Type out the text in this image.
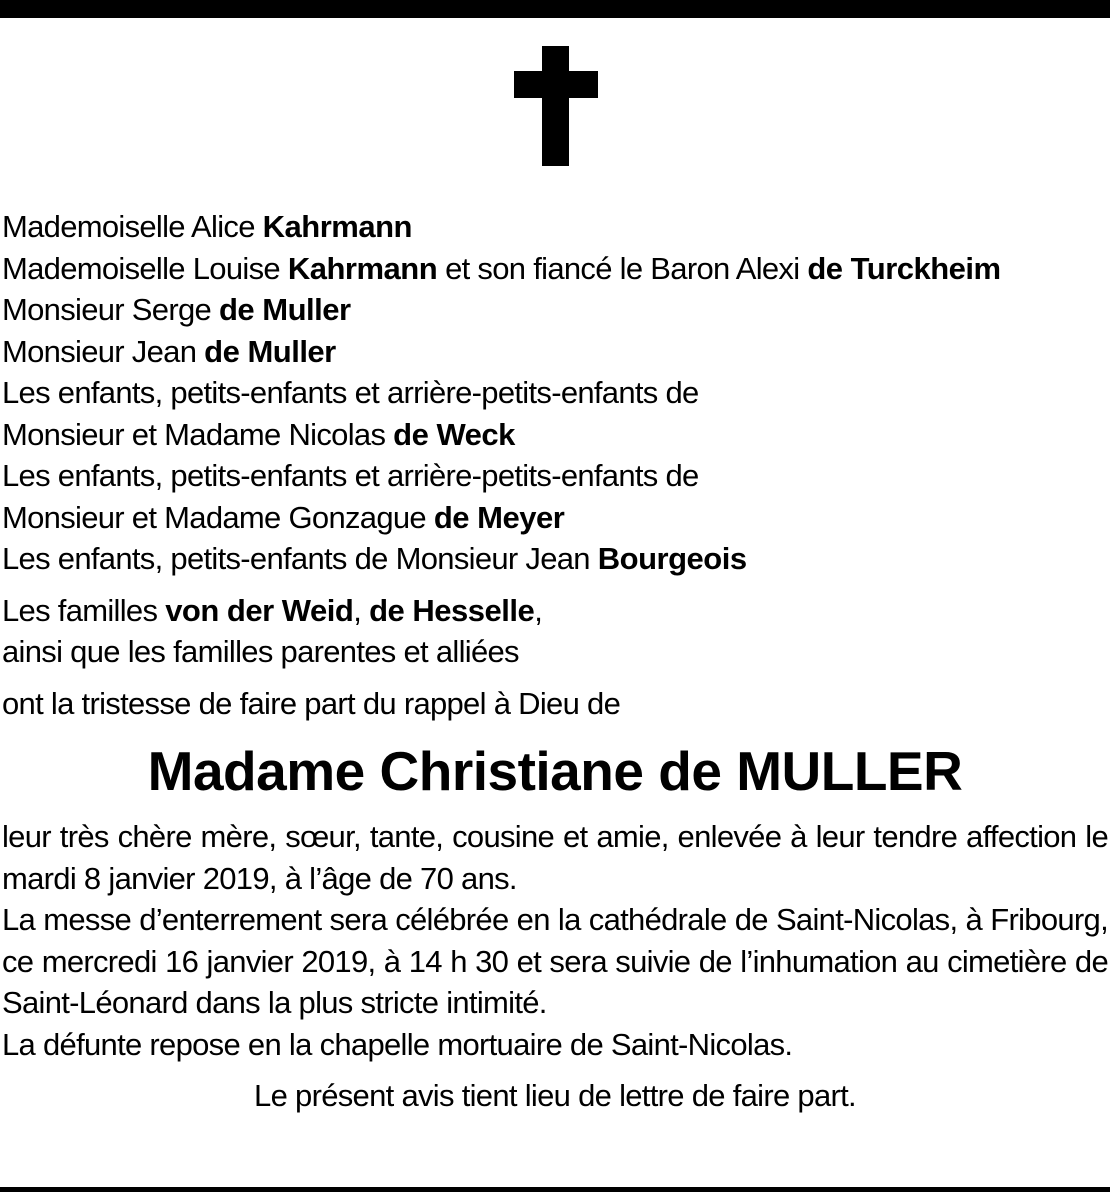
Mademoiselle Alice Kahrmann

Mademoiselle Louise Kahrmann et son fiancé le Baron Alexi de Turckheim

Monsieur Serge de Muller

Monsieur Jean de Muller

Les enfants, petits-enfants et arrière-petits-enfants de

Monsieur et Madame Nicolas de Weck

Les enfants, petits-enfants et arrière-petits-enfants de

Monsieur et Madame Gonzague de Meyer

Les enfants, petits-enfants de Monsieur Jean Bourgeois

Les familles von der Weid, de Hesselle,

ainsi que les familles parentes et alliées

ont la tristesse de faire part du rappel à Dieu de

Madame Christiane de MULLER

leur très chère mère, sœur, tante, cousine et amie, enlevée à leur tendre affection le mardi 8 janvier 2019, à l’âge de 70 ans.

La messe d’enterrement sera célébrée en la cathédrale de Saint-Nicolas, à Fribourg, ce mercredi 16 janvier 2019, à 14 h 30 et sera suivie de l’inhumation au cimetière de Saint-Léonard dans la plus stricte intimité.

La défunte repose en la chapelle mortuaire de Saint-Nicolas.

Le présent avis tient lieu de lettre de faire part.
